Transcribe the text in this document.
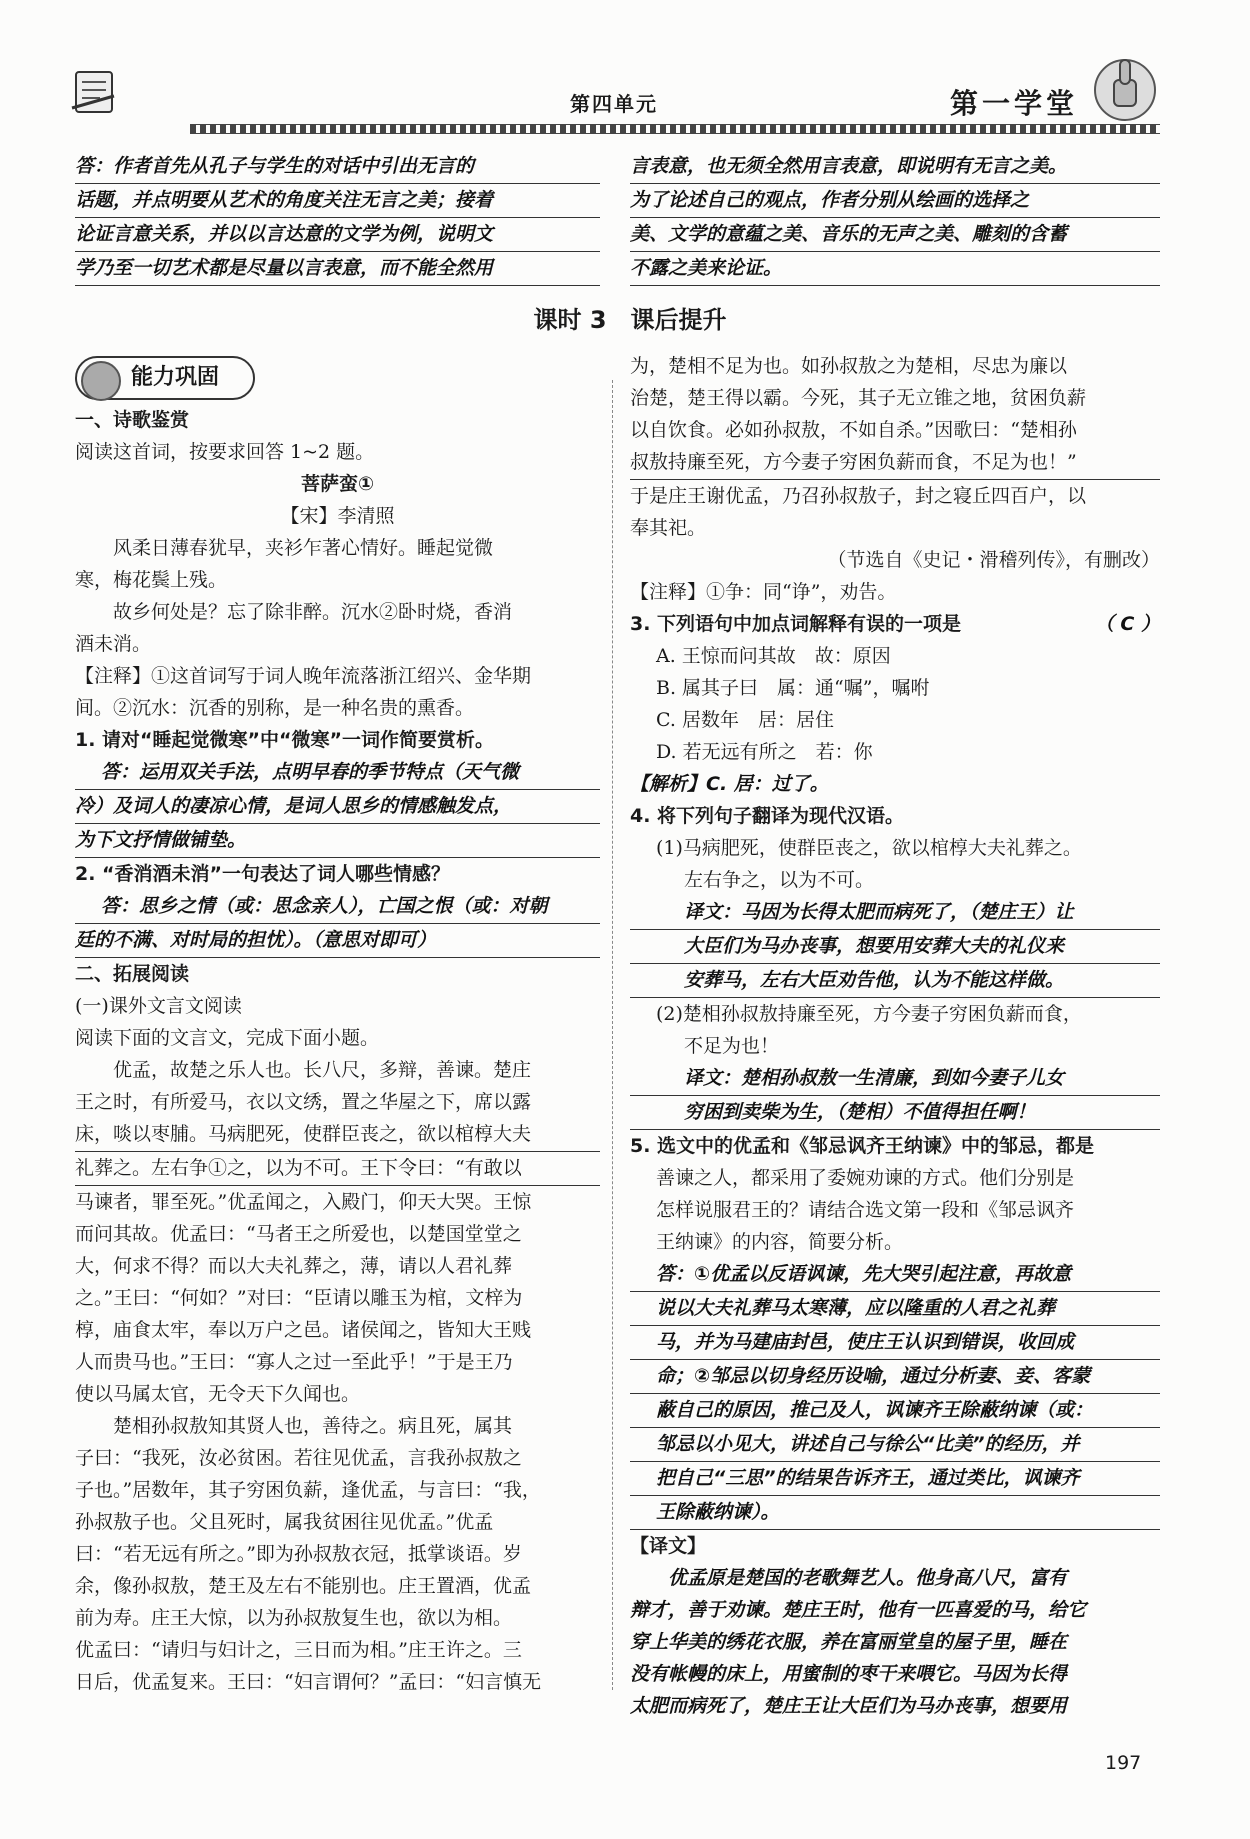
第四单元	第一学堂
答：作者首先从孔子与学生的对话中引出无言的
话题，并点明要从艺术的角度关注无言之美；接着
论证言意关系，并以以言达意的文学为例，说明文
学乃至一切艺术都是尽量以言表意，而不能全然用
言表意，也无须全然用言表意，即说明有无言之美。
为了论述自己的观点，作者分别从绘画的选择之
美、文学的意蕴之美、音乐的无声之美、雕刻的含蓄
不露之美来论证。
课时 3　课后提升
能力巩固
一、诗歌鉴赏
阅读这首词，按要求回答 1~2 题。
菩萨蛮①
【宋】李清照
风柔日薄春犹早，夹衫乍著心情好。睡起觉微
寒，梅花鬓上残。
故乡何处是？忘了除非醉。沉水②卧时烧，香消
酒未消。
【注释】①这首词写于词人晚年流落浙江绍兴、金华期
间。②沉水：沉香的别称，是一种名贵的熏香。
1. 请对“睡起觉微寒”中“微寒”一词作简要赏析。
答：运用双关手法，点明早春的季节特点（天气微
冷）及词人的凄凉心情，是词人思乡的情感触发点，
为下文抒情做铺垫。
2. “香消酒未消”一句表达了词人哪些情感？
答：思乡之情（或：思念亲人），亡国之恨（或：对朝
廷的不满、对时局的担忧）。（意思对即可）
二、拓展阅读
(一)课外文言文阅读
阅读下面的文言文，完成下面小题。
优孟，故楚之乐人也。长八尺，多辩，善谏。楚庄
王之时，有所爱马，衣以文绣，置之华屋之下，席以露
床，啖以枣脯。马病肥死，使群臣丧之，欲以棺椁大夫
礼葬之。左右争①之，以为不可。王下令曰：“有敢以
马谏者，罪至死。”优孟闻之，入殿门，仰天大哭。王惊
而问其故。优孟曰：“马者王之所爱也，以楚国堂堂之
大，何求不得？而以大夫礼葬之，薄，请以人君礼葬
之。”王曰：“何如？”对曰：“臣请以雕玉为棺，文梓为
椁，庙食太牢，奉以万户之邑。诸侯闻之，皆知大王贱
人而贵马也。”王曰：“寡人之过一至此乎！”于是王乃
使以马属太官，无令天下久闻也。
楚相孙叔敖知其贤人也，善待之。病且死，属其
子曰：“我死，汝必贫困。若往见优孟，言我孙叔敖之
子也。”居数年，其子穷困负薪，逢优孟，与言曰：“我，
孙叔敖子也。父且死时，属我贫困往见优孟。”优孟
曰：“若无远有所之。”即为孙叔敖衣冠，抵掌谈语。岁
余，像孙叔敖，楚王及左右不能别也。庄王置酒，优孟
前为寿。庄王大惊，以为孙叔敖复生也，欲以为相。
优孟曰：“请归与妇计之，三日而为相。”庄王许之。三
日后，优孟复来。王曰：“妇言谓何？”孟曰：“妇言慎无
为，楚相不足为也。如孙叔敖之为楚相，尽忠为廉以
治楚，楚王得以霸。今死，其子无立锥之地，贫困负薪
以自饮食。必如孙叔敖，不如自杀。”因歌曰：“楚相孙
叔敖持廉至死，方今妻子穷困负薪而食，不足为也！”
于是庄王谢优孟，乃召孙叔敖子，封之寝丘四百户，以
奉其祀。
（节选自《史记・滑稽列传》，有删改）
【注释】①争：同“诤”，劝告。
3. 下列语句中加点词解释有误的一项是	（ C ）
A. 王惊而问其故　故：原因
B. 属其子曰　属：通“嘱”，嘱咐
C. 居数年　居：居住
D. 若无远有所之　若：你
【解析】C. 居：过了。
4. 将下列句子翻译为现代汉语。
(1)马病肥死，使群臣丧之，欲以棺椁大夫礼葬之。
左右争之，以为不可。
译文：马因为长得太肥而病死了，（楚庄王）让
大臣们为马办丧事，想要用安葬大夫的礼仪来
安葬马，左右大臣劝告他，认为不能这样做。
(2)楚相孙叔敖持廉至死，方今妻子穷困负薪而食，
不足为也！
译文：楚相孙叔敖一生清廉，到如今妻子儿女
穷困到卖柴为生，（楚相）不值得担任啊！
5. 选文中的优孟和《邹忌讽齐王纳谏》中的邹忌，都是
善谏之人，都采用了委婉劝谏的方式。他们分别是
怎样说服君王的？请结合选文第一段和《邹忌讽齐
王纳谏》的内容，简要分析。
答：①优孟以反语讽谏，先大哭引起注意，再故意
说以大夫礼葬马太寒薄，应以隆重的人君之礼葬
马，并为马建庙封邑，使庄王认识到错误，收回成
命；②邹忌以切身经历设喻，通过分析妻、妾、客蒙
蔽自己的原因，推己及人，讽谏齐王除蔽纳谏（或：
邹忌以小见大，讲述自己与徐公“比美”的经历，并
把自己“三思”的结果告诉齐王，通过类比，讽谏齐
王除蔽纳谏）。
【译文】
优孟原是楚国的老歌舞艺人。他身高八尺，富有
辩才，善于劝谏。楚庄王时，他有一匹喜爱的马，给它
穿上华美的绣花衣服，养在富丽堂皇的屋子里，睡在
没有帐幔的床上，用蜜制的枣干来喂它。马因为长得
太肥而病死了，楚庄王让大臣们为马办丧事，想要用
197
